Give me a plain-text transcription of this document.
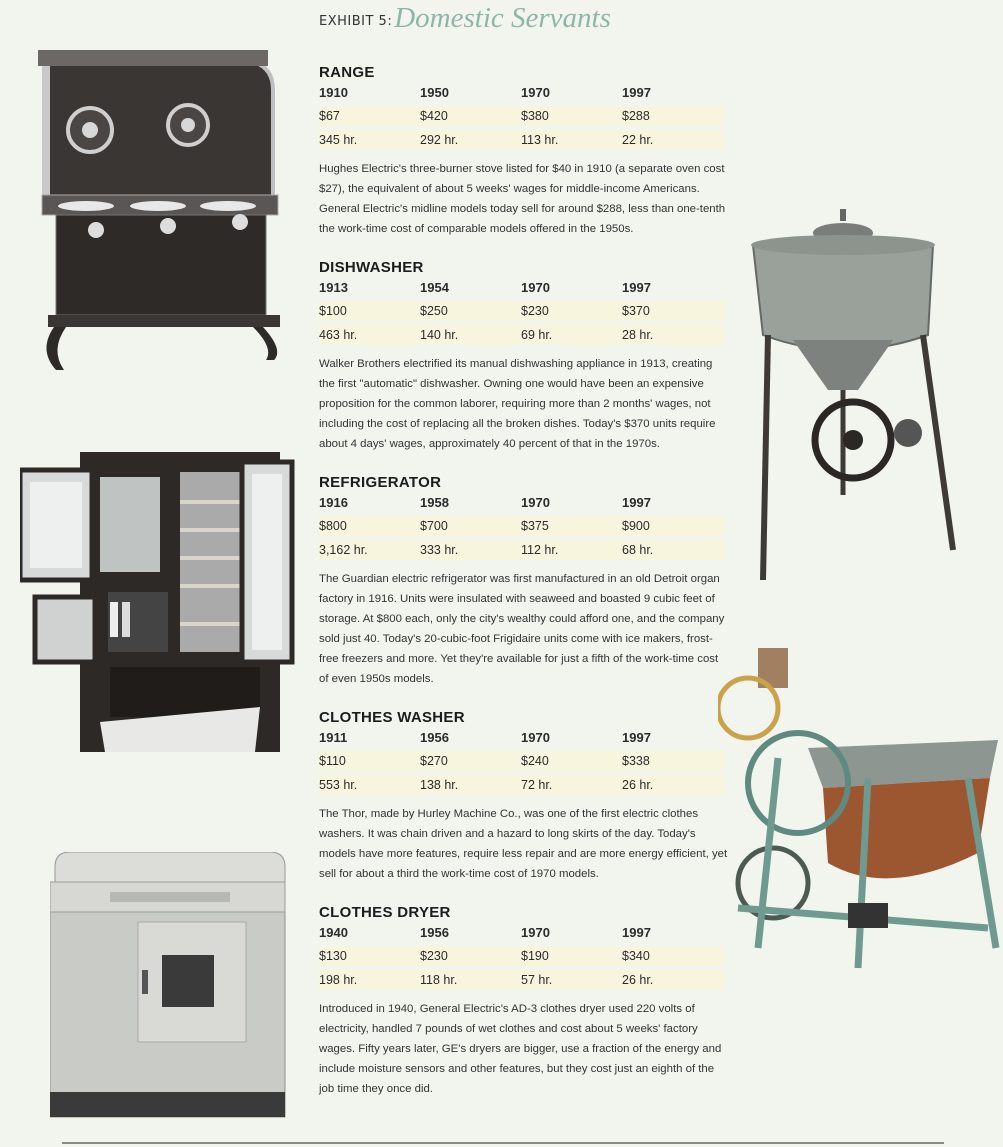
EXHIBIT 5: Domestic Servants
RANGE
1910	1950	1970	1997
$67	$420	$380	$288
345 hr.	292 hr.	113 hr.	22 hr.
Hughes Electric's three-burner stove listed for $40 in 1910 (a separate oven cost $27), the equivalent of about 5 weeks' wages for middle-income Americans. General Electric's midline models today sell for around $288, less than one-tenth the work-time cost of comparable models offered in the 1950s.
DISHWASHER
1913	1954	1970	1997
$100	$250	$230	$370
463 hr.	140 hr.	69 hr.	28 hr.
Walker Brothers electrified its manual dishwashing appliance in 1913, creating the first "automatic" dishwasher. Owning one would have been an expensive proposition for the common laborer, requiring more than 2 months' wages, not including the cost of replacing all the broken dishes. Today's $370 units require about 4 days' wages, approximately 40 percent of that in the 1970s.
REFRIGERATOR
1916	1958	1970	1997
$800	$700	$375	$900
3,162 hr.	333 hr.	112 hr.	68 hr.
The Guardian electric refrigerator was first manufactured in an old Detroit organ factory in 1916. Units were insulated with seaweed and boasted 9 cubic feet of storage. At $800 each, only the city's wealthy could afford one, and the company sold just 40. Today's 20-cubic-foot Frigidaire units come with ice makers, frost-free freezers and more. Yet they're available for just a fifth of the work-time cost of even 1950s models.
CLOTHES WASHER
1911	1956	1970	1997
$110	$270	$240	$338
553 hr.	138 hr.	72 hr.	26 hr.
The Thor, made by Hurley Machine Co., was one of the first electric clothes washers. It was chain driven and a hazard to long skirts of the day. Today's models have more features, require less repair and are more energy efficient, yet sell for about a third the work-time cost of 1970 models.
CLOTHES DRYER
1940	1956	1970	1997
$130	$230	$190	$340
198 hr.	118 hr.	57 hr.	26 hr.
Introduced in 1940, General Electric's AD-3 clothes dryer used 220 volts of electricity, handled 7 pounds of wet clothes and cost about 5 weeks' factory wages. Fifty years later, GE's dryers are bigger, use a fraction of the energy and include moisture sensors and other features, but they cost just an eighth of the job time they once did.
